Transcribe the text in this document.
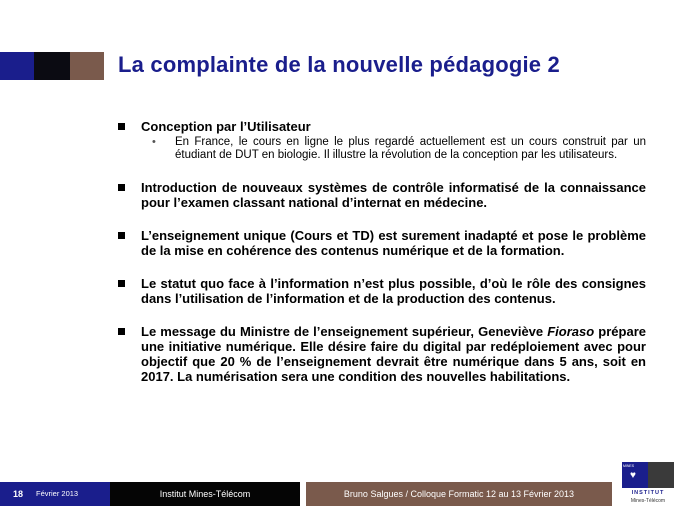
La complainte de la nouvelle pédagogie 2
Conception par l’Utilisateur
• En France, le cours en ligne le plus regardé actuellement est un cours construit par un étudiant de DUT en biologie. Il illustre la révolution de la conception par les utilisateurs.
Introduction de nouveaux systèmes de contrôle informatisé de la connaissance pour l’examen classant national d’internat en médecine.
L’enseignement unique (Cours et TD) est surement inadapté et pose le problème de la mise en cohérence des contenus numérique et de la formation.
Le statut quo face à l’information n’est plus possible, d’où le rôle des consignes dans l’utilisation de l’information et de la production des contenus.
Le message du Ministre de l’enseignement supérieur, Geneviève Fioraso prépare une initiative numérique. Elle désire faire du digital par redéploiement avec pour objectif que 20 % de l’enseignement devrait être numérique dans 5 ans, soit en 2017. La numérisation sera une condition des nouvelles habilitations.
18	Février 2013	Institut Mines-Télécom	Bruno Salgues / Colloque Formatic 12 au 13 Février 2013
MINES
♥	TELECOM
INSTITUT
Mines-Télécom
